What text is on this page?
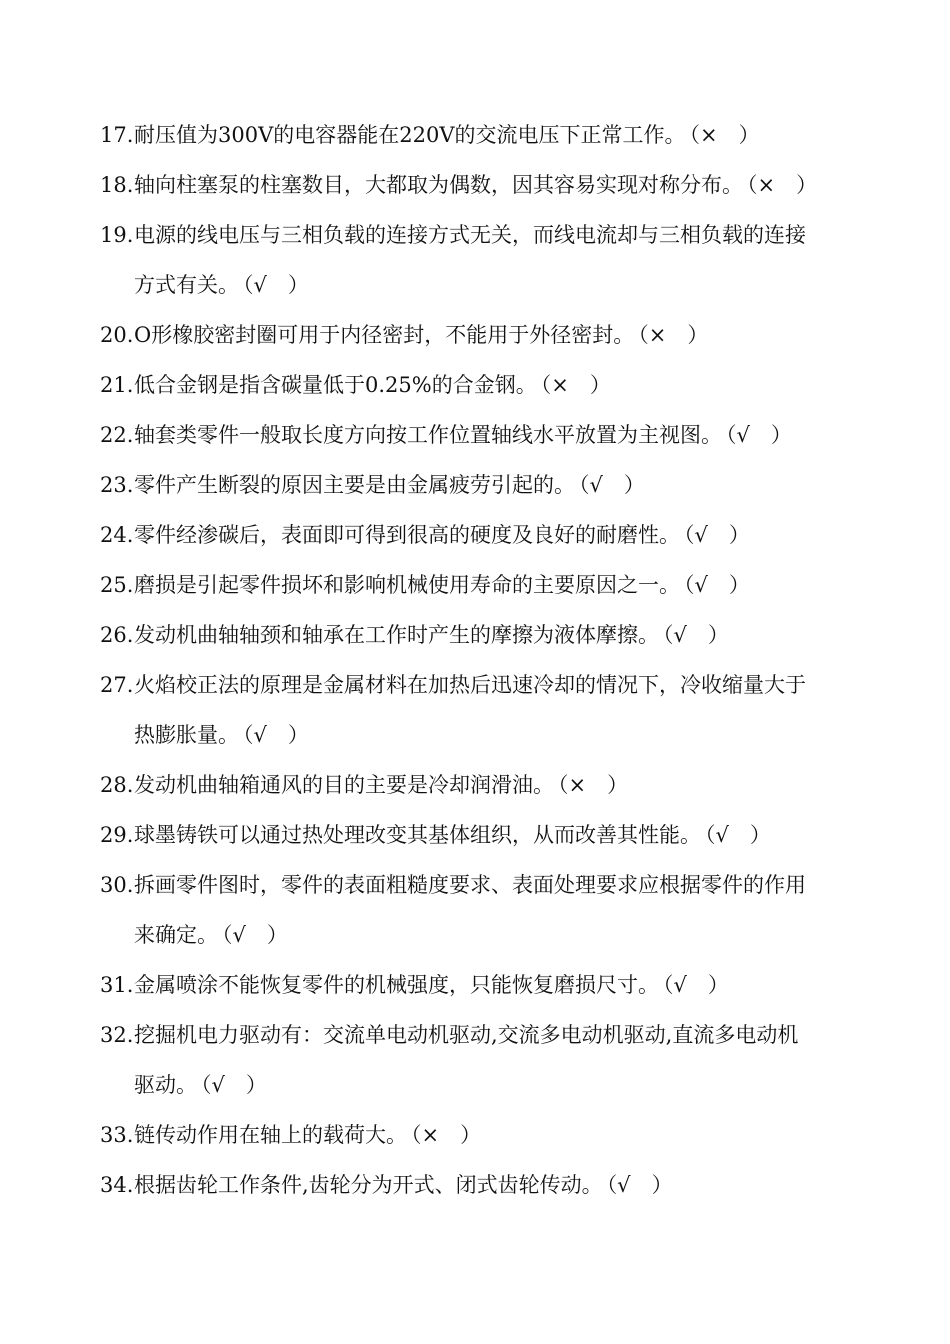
17.耐压值为300V的电容器能在220V的交流电压下正常工作。 （×　）
18.轴向柱塞泵的柱塞数目，大都取为偶数，因其容易实现对称分布。 （×　）
19.电源的线电压与三相负载的连接方式无关，而线电流却与三相负载的连接
方式有关。 （√　）
20.O形橡胶密封圈可用于内径密封，不能用于外径密封。 （×　）
21.低合金钢是指含碳量低于0.25%的合金钢。 （×　）
22.轴套类零件一般取长度方向按工作位置轴线水平放置为主视图。 （√　）
23.零件产生断裂的原因主要是由金属疲劳引起的。 （√　）
24.零件经渗碳后，表面即可得到很高的硬度及良好的耐磨性。 （√　）
25.磨损是引起零件损坏和影响机械使用寿命的主要原因之一。 （√　）
26.发动机曲轴轴颈和轴承在工作时产生的摩擦为液体摩擦。 （√　）
27.火焰校正法的原理是金属材料在加热后迅速冷却的情况下，冷收缩量大于
热膨胀量。 （√　）
28.发动机曲轴箱通风的目的主要是冷却润滑油。 （×　）
29.球墨铸铁可以通过热处理改变其基体组织，从而改善其性能。 （√　）
30.拆画零件图时，零件的表面粗糙度要求、表面处理要求应根据零件的作用
来确定。 （√　）
31.金属喷涂不能恢复零件的机械强度，只能恢复磨损尺寸。 （√　）
32.挖掘机电力驱动有：交流单电动机驱动,交流多电动机驱动,直流多电动机
驱动。 （√　）
33.链传动作用在轴上的载荷大。 （×　）
34.根据齿轮工作条件,齿轮分为开式、闭式齿轮传动。 （√　）
